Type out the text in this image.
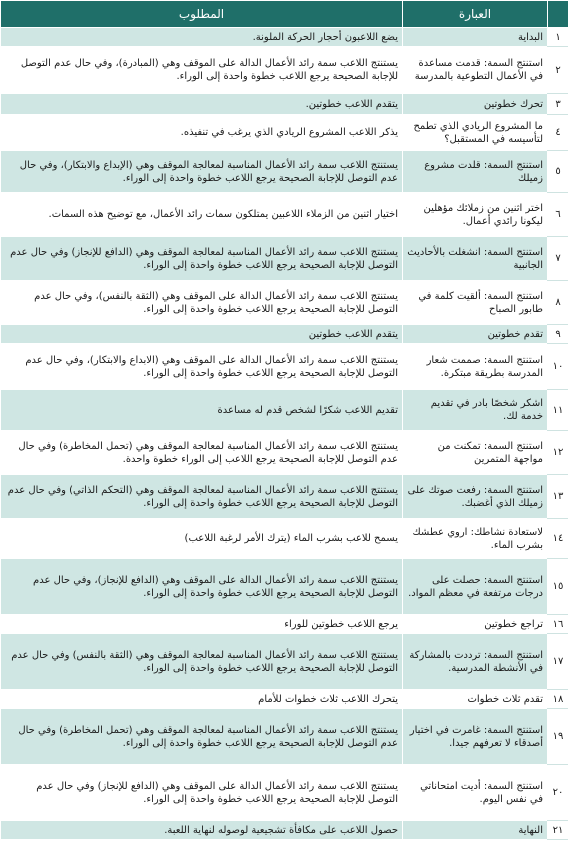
	العبارة	المطلوب
١	البداية	يضع اللاعبون أحجار الحركة الملونة.
٢	استنتج السمة: قدمت مساعدة في الأعمال التطوعية بالمدرسة	يستنتج اللاعب سمة رائد الأعمال الدالة على الموقف وهي (المبادرة)، وفي حال عدم التوصل للإجابة الصحيحة يرجع اللاعب خطوة واحدة إلى الوراء.
٣	تحرك خطوتين	يتقدم اللاعب خطوتين.
٤	ما المشروع الريادي الذي تطمح لتأسيسه في المستقبل؟	يذكر اللاعب المشروع الريادي الذي يرغب في تنفيذه.
٥	استنتج السمة: قلدت مشروع زميلك	يستنتج اللاعب سمة رائد الأعمال المناسبة لمعالجة الموقف وهي (الإبداع والابتكار)، وفي حال عدم التوصل للإجابة الصحيحة يرجع اللاعب خطوة واحدة إلى الوراء.
٦	اختر اثنين من زملائك مؤهلين ليكونا رائدي أعمال.	اختيار اثنين من الزملاء اللاعبين يمتلكون سمات رائد الأعمال، مع توضيح هذه السمات.
٧	استنتج السمة: انشغلت بالأحاديث الجانبية	يستنتج اللاعب سمة رائد الأعمال المناسبة لمعالجة الموقف وهي (الدافع للإنجاز) وفي حال عدم التوصل للإجابة الصحيحة يرجع اللاعب خطوة واحدة إلى الوراء.
٨	استنتج السمة: ألقيت كلمة في طابور الصباح	يستنتج اللاعب سمة رائد الأعمال الدالة على الموقف وهي (الثقة بالنفس)، وفي حال عدم التوصل للإجابة الصحيحة يرجع اللاعب خطوة واحدة إلى الوراء.
٩	تقدم خطوتين	يتقدم اللاعب خطوتين
١٠	استنتج السمة: صممت شعار المدرسة بطريقة مبتكرة.	يستنتج اللاعب سمة رائد الأعمال الدالة على الموقف وهي (الابداع والابتكار)، وفي حال عدم التوصل للإجابة الصحيحة يرجع اللاعب خطوة واحدة إلى الوراء.
١١	اشكر شخصًا بادر في تقديم خدمة لك.	تقديم اللاعب شكرًا لشخص قدم له مساعدة
١٢	استنتج السمة: تمكنت من مواجهة المتمرين	يستنتج اللاعب سمة رائد الأعمال المناسبة لمعالجة الموقف وهي (تحمل المخاطرة) وفي حال عدم التوصل للإجابة الصحيحة يرجع اللاعب إلى الوراء خطوة واحدة.
١٣	استنتج السمة: رفعت صوتك على زميلك الذي أغضبك.	يستنتج اللاعب سمة رائد الأعمال المناسبة لمعالجة الموقف وهي (التحكم الذاتي) وفي حال عدم التوصل للإجابة الصحيحة يرجع اللاعب خطوة واحدة إلى الوراء.
١٤	لاستعادة نشاطك: اروي عطشك بشرب الماء.	يسمح للاعب بشرب الماء (يترك الأمر لرغبة اللاعب)
١٥	استنتج السمة: حصلت على درجات مرتفعة في معظم المواد.	يستنتج اللاعب سمة رائد الأعمال الدالة على الموقف وهي (الدافع للإنجاز)، وفي حال عدم التوصل للإجابة الصحيحة يرجع اللاعب خطوة واحدة إلى الوراء.
١٦	تراجع خطوتين	يرجع اللاعب خطوتين للوراء
١٧	استنتج السمة: ترددت بالمشاركة في الأنشطة المدرسية.	يستنتج اللاعب سمة رائد الأعمال المناسبة لمعالجة الموقف وهي (الثقة بالنفس) وفي حال عدم التوصل للإجابة الصحيحة يرجع اللاعب خطوة واحدة إلى الوراء.
١٨	تقدم ثلاث خطوات	يتحرك اللاعب ثلاث خطوات للأمام
١٩	استنتج السمة: غامرت في اختيار أصدقاء لا تعرفهم جيدا.	يستنتج اللاعب سمة رائد الأعمال المناسبة لمعالجة الموقف وهي (تحمل المخاطرة) وفي حال عدم التوصل للإجابة الصحيحة يرجع اللاعب خطوة واحدة إلى الوراء.
٢٠	استنتج السمة: أديت امتحاناتي في نفس اليوم.	يستنتج اللاعب سمة رائد الأعمال الدالة على الموقف وهي (الدافع للإنجاز) وفي حال عدم التوصل للإجابة الصحيحة يرجع اللاعب خطوة واحدة إلى الوراء.
٢١	النهاية	حصول اللاعب على مكافأة تشجيعية لوصوله لنهاية اللعبة.
